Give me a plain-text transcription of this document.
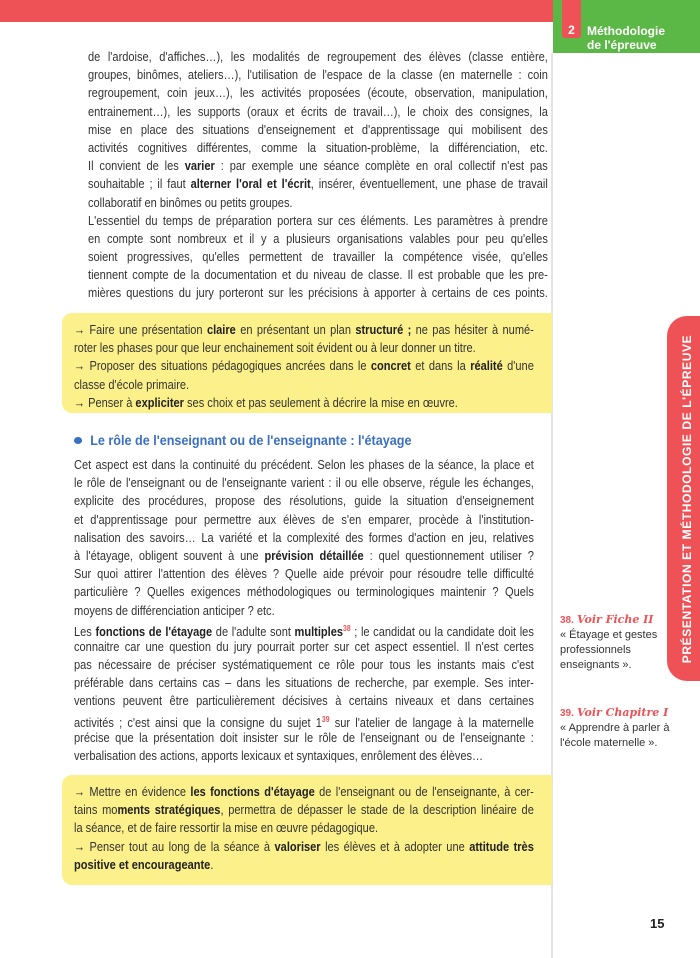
2	Méthodologie
de l'épreuve
PRÉSENTATION ET MÉTHODOLOGIE DE L'ÉPREUVE
de l'ardoise, d'affiches…), les modalités de regroupement des élèves (classe entière,
groupes, binômes, ateliers…), l'utilisation de l'espace de la classe (en maternelle : coin
regroupement, coin jeux…), les activités proposées (écoute, observation, manipulation,
entrainement…), les supports (oraux et écrits de travail…), le choix des consignes, la
mise en place des situations d'enseignement et d'apprentissage qui mobilisent des
activités cognitives différentes, comme la situation-problème, la différenciation, etc.
Il convient de les varier : par exemple une séance complète en oral collectif n'est pas
souhaitable ; il faut alterner l'oral et l'écrit, insérer, éventuellement, une phase de travail
collaboratif en binômes ou petits groupes.
L'essentiel du temps de préparation portera sur ces éléments. Les paramètres à prendre
en compte sont nombreux et il y a plusieurs organisations valables pour peu qu'elles
soient progressives, qu'elles permettent de travailler la compétence visée, qu'elles
tiennent compte de la documentation et du niveau de classe. Il est probable que les pre-
mières questions du jury porteront sur les précisions à apporter à certains de ces points.
→ Faire une présentation claire en présentant un plan structuré ; ne pas hésiter à numé-
roter les phases pour que leur enchainement soit évident ou à leur donner un titre.
→ Proposer des situations pédagogiques ancrées dans le concret et dans la réalité d'une
classe d'école primaire.
→ Penser à expliciter ses choix et pas seulement à décrire la mise en œuvre.
Le rôle de l'enseignant ou de l'enseignante : l'étayage
Cet aspect est dans la continuité du précédent. Selon les phases de la séance, la place et
le rôle de l'enseignant ou de l'enseignante varient : il ou elle observe, régule les échanges,
explicite des procédures, propose des résolutions, guide la situation d'enseignement
et d'apprentissage pour permettre aux élèves de s'en emparer, procède à l'institution-
nalisation des savoirs… La variété et la complexité des formes d'action en jeu, relatives
à l'étayage, obligent souvent à une prévision détaillée : quel questionnement utiliser ?
Sur quoi attirer l'attention des élèves ? Quelle aide prévoir pour résoudre telle difficulté
particulière ? Quelles exigences méthodologiques ou terminologiques maintenir ? Quels
moyens de différenciation anticiper ? etc.
Les fonctions de l'étayage de l'adulte sont multiples$^{38}$ ; le candidat ou la candidate doit les
connaitre car une question du jury pourrait porter sur cet aspect essentiel. Il n'est certes
pas nécessaire de préciser systématiquement ce rôle pour tous les instants mais c'est
préférable dans certains cas – dans les situations de recherche, par exemple. Ses inter-
ventions peuvent être particulièrement décisives à certains niveaux et dans certaines
activités ; c'est ainsi que la consigne du sujet $1^{39}$ sur l'atelier de langage à la maternelle
précise que la présentation doit insister sur le rôle de l'enseignant ou de l'enseignante :
verbalisation des actions, apports lexicaux et syntaxiques, enrôlement des élèves…
→ Mettre en évidence les fonctions d'étayage de l'enseignant ou de l'enseignante, à cer-
tains moments stratégiques, permettra de dépasser le stade de la description linéaire de
la séance, et de faire ressortir la mise en œuvre pédagogique.
→ Penser tout au long de la séance à valoriser les élèves et à adopter une attitude très
positive et encourageante.
38. Voir Fiche II
« Étayage et gestes professionnels enseignants ».
39. Voir Chapitre I
« Apprendre à parler à l'école maternelle ».
15
